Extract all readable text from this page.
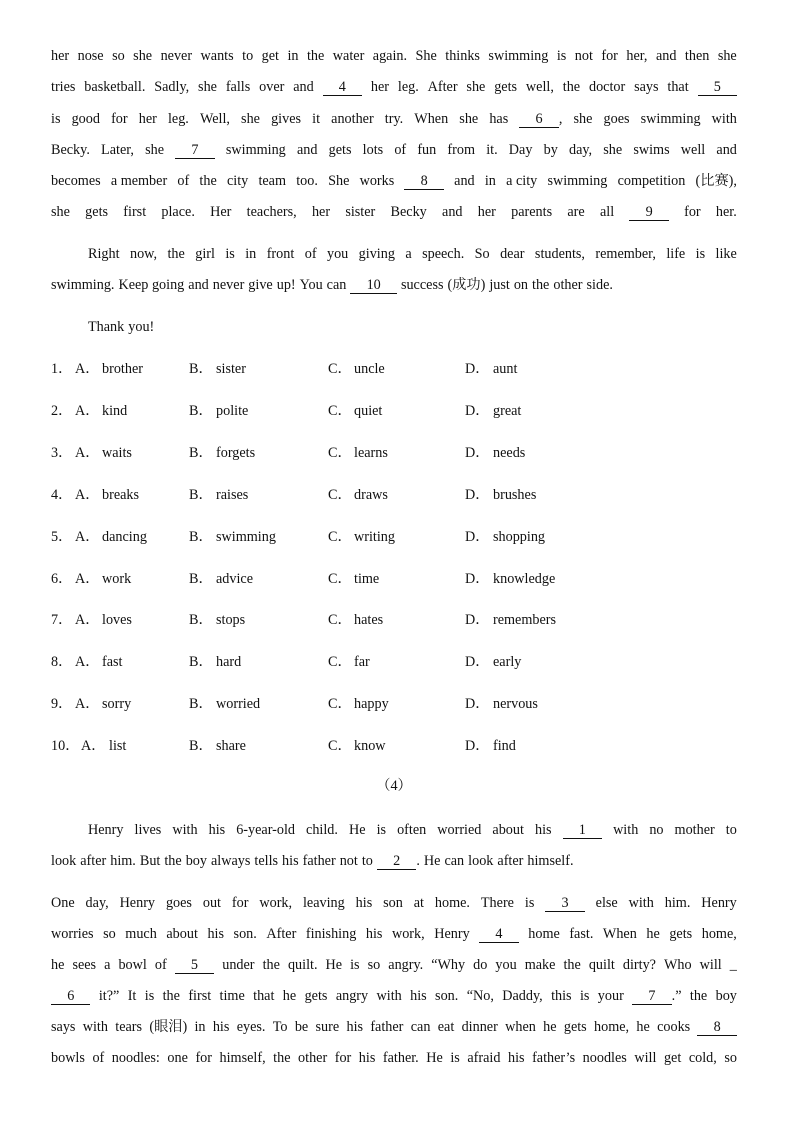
her nose so she never wants to get in the water again. She thinks swimming is not for her, and then she
tries basketball. Sadly, she falls over and 4 her leg. After she gets well, the doctor says that 5
is good for her leg. Well, she gives it another try. When she has 6    , she goes swimming with
Becky. Later, she 7 swimming and gets lots of fun from it. Day by day, she swims well and
becomes a member of the city team too. She works 8 and in a city swimming competition (比赛),
she gets first place. Her teachers, her sister Becky and her parents are all 9 for her.
Right now, the girl is in front of you giving a speech. So dear students, remember, life is like
swimming. Keep going and never give up! You can 10 success (成功) just on the other side.
Thank you!
1． A． brother	B． sister	C． uncle	D． aunt
2． A． kind	B． polite	C． quiet	D． great
3． A． waits	B． forgets	C． learns	D． needs
4． A． breaks	B． raises	C． draws	D． brushes
5． A． dancing	B． swimming	C． writing	D． shopping
6． A． work	B． advice	C． time	D． knowledge
7． A． loves	B． stops	C． hates	D． remembers
8． A． fast	B． hard	C． far	D． early
9． A． sorry	B． worried	C． happy	D． nervous
10． A． list	B． share	C． know	D． find
（4）
Henry lives with his 6-year-old child. He is often worried about his 1 with no mother to
look after him. But the boy always tells his father not to 2    . He can look after himself.
One day, Henry goes out for work, leaving his son at home. There is 3 else with him. Henry
worries so much about his son. After finishing his work, Henry 4 home fast. When he gets home,
he sees a bowl of 5 under the quilt. He is so angry. “Why do you make the quilt dirty? Who will _
6 it?” It is the first time that he gets angry with his son. “No, Daddy, this is your 7    .” the boy
says with tears (眼泪) in his eyes. To be sure his father can eat dinner when he gets home, he cooks 8
bowls of noodles: one for himself, the other for his father. He is afraid his father’s noodles will get cold, so
